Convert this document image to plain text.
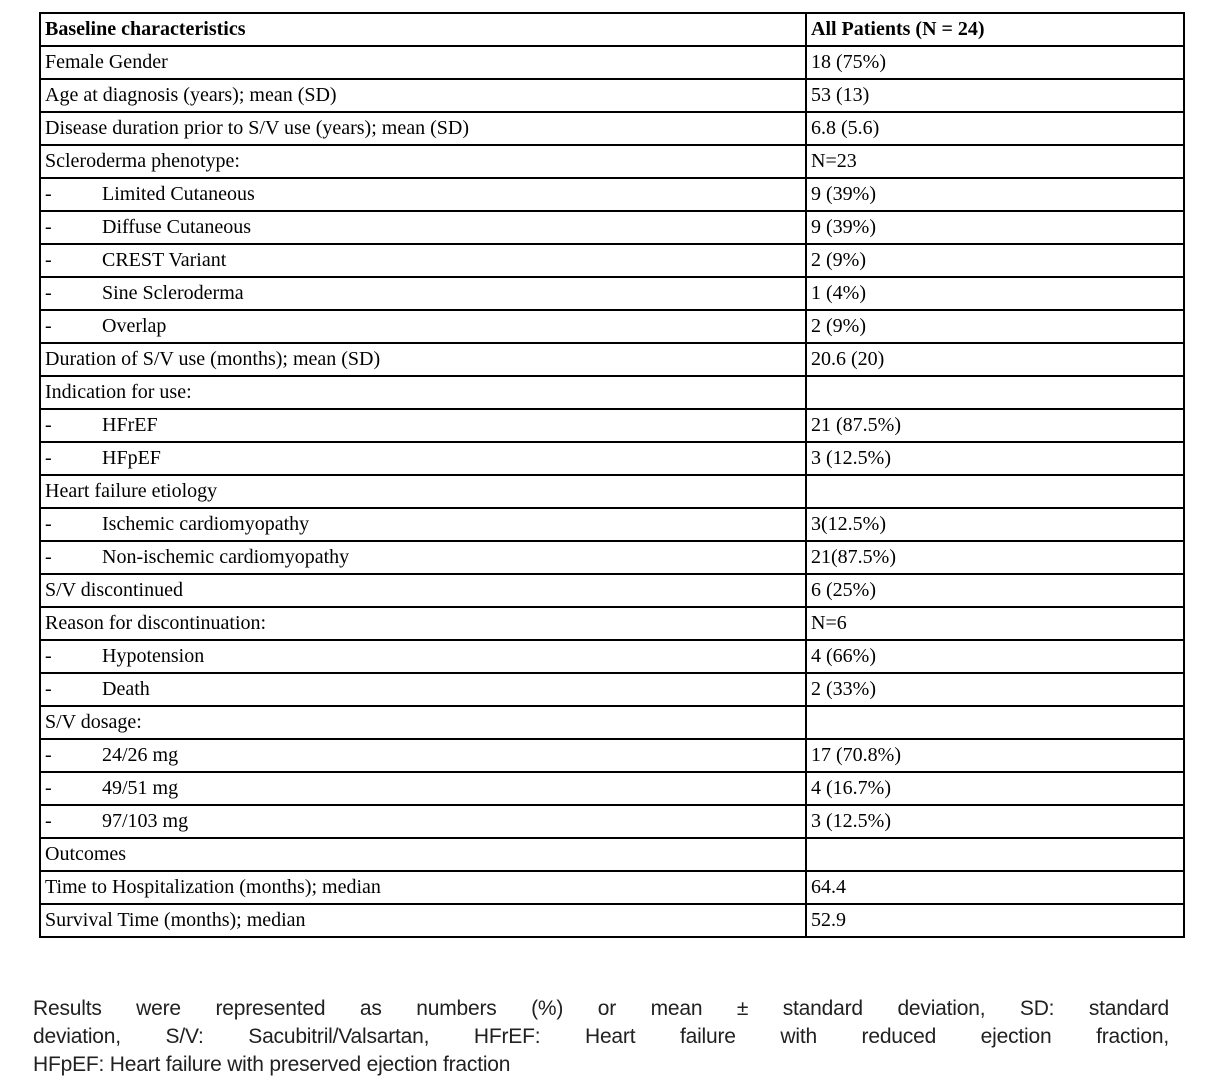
Baseline characteristics	All Patients (N = 24)
Female Gender	18 (75%)
Age at diagnosis (years); mean (SD)	53 (13)
Disease duration prior to S/V use (years); mean (SD)	6.8 (5.6)
Scleroderma phenotype:	N=23
- Limited Cutaneous	9 (39%)
- Diffuse Cutaneous	9 (39%)
- CREST Variant	2 (9%)
- Sine Scleroderma	1 (4%)
- Overlap	2 (9%)
Duration of S/V use (months); mean (SD)	20.6 (20)
Indication for use:	
- HFrEF	21 (87.5%)
- HFpEF	3 (12.5%)
Heart failure etiology	
- Ischemic cardiomyopathy	3(12.5%)
- Non-ischemic cardiomyopathy	21(87.5%)
S/V discontinued	6 (25%)
Reason for discontinuation:	N=6
- Hypotension	4 (66%)
- Death	2 (33%)
S/V dosage:	
- 24/26 mg	17 (70.8%)
- 49/51 mg	4 (16.7%)
- 97/103 mg	3 (12.5%)
Outcomes	
Time to Hospitalization (months); median	64.4
Survival Time (months); median	52.9
Results were represented as numbers (%) or mean ± standard deviation, SD: standard
deviation, S/V: Sacubitril/Valsartan, HFrEF: Heart failure with reduced ejection fraction,
HFpEF: Heart failure with preserved ejection fraction
